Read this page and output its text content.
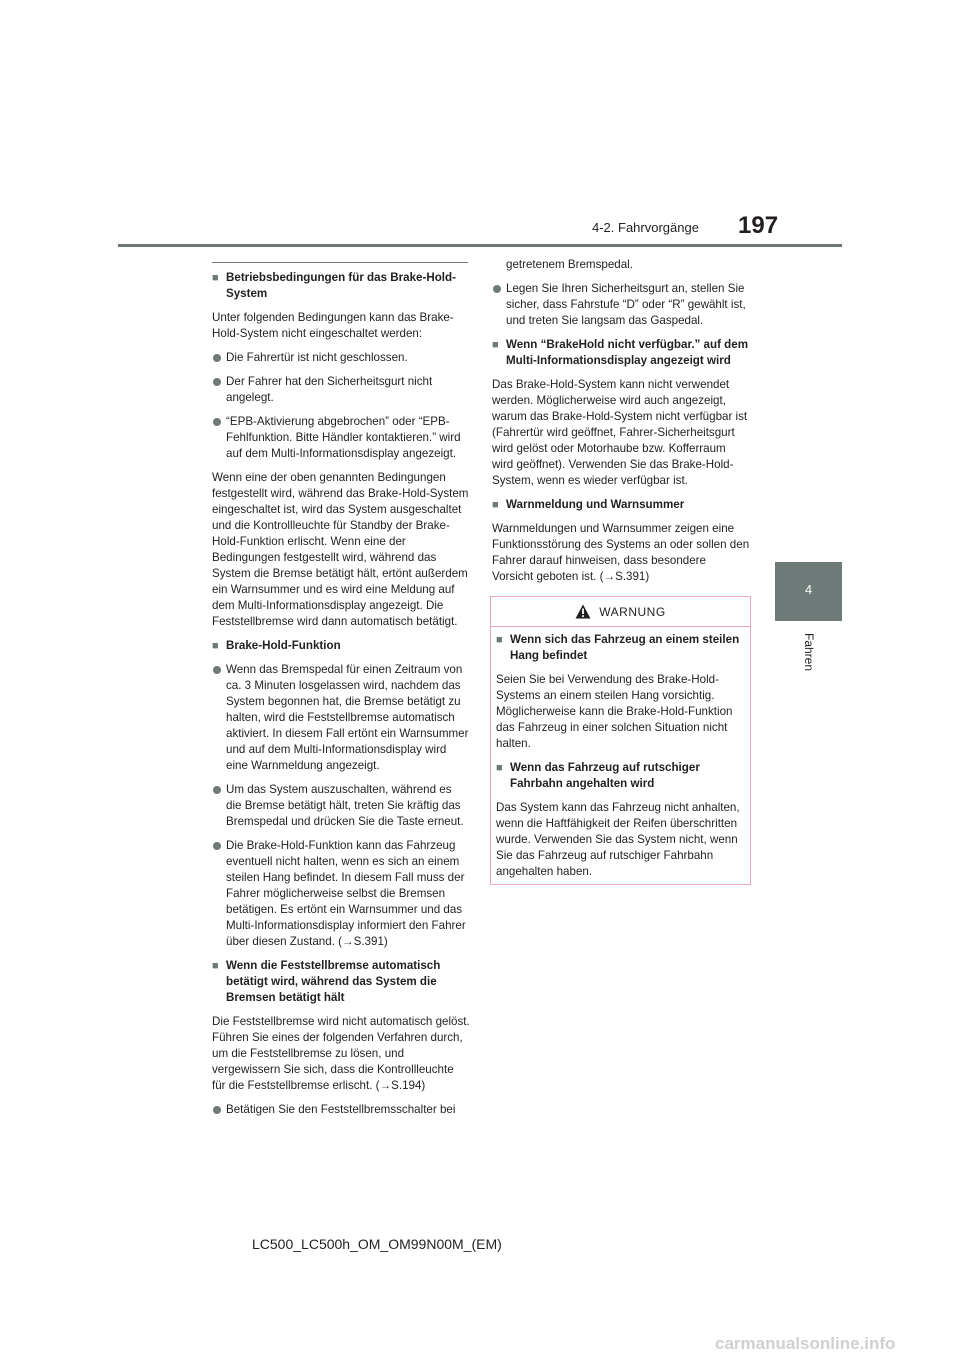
4-2. Fahrvorgänge 197
4
Fahren
■ Betriebsbedingungen für das Brake-Hold-System
Unter folgenden Bedingungen kann das Brake-Hold-System nicht eingeschaltet werden:
Die Fahrertür ist nicht geschlossen.
Der Fahrer hat den Sicherheitsgurt nicht angelegt.
“EPB-Aktivierung abgebrochen” oder “EPB-Fehlfunktion. Bitte Händler kontaktieren.” wird auf dem Multi-Informationsdisplay angezeigt.
Wenn eine der oben genannten Bedingungen festgestellt wird, während das Brake-Hold-System eingeschaltet ist, wird das System ausgeschaltet und die Kontrollleuchte für Standby der Brake-Hold-Funktion erlischt. Wenn eine der Bedingungen festgestellt wird, während das System die Bremse betätigt hält, ertönt außerdem ein Warnsummer und es wird eine Meldung auf dem Multi-Informationsdisplay angezeigt. Die Feststellbremse wird dann automatisch betätigt.
■ Brake-Hold-Funktion
Wenn das Bremspedal für einen Zeitraum von ca. 3 Minuten losgelassen wird, nachdem das System begonnen hat, die Bremse betätigt zu halten, wird die Feststellbremse automatisch aktiviert. In diesem Fall ertönt ein Warnsummer und auf dem Multi-Informationsdisplay wird eine Warnmeldung angezeigt.
Um das System auszuschalten, während es die Bremse betätigt hält, treten Sie kräftig das Bremspedal und drücken Sie die Taste erneut.
Die Brake-Hold-Funktion kann das Fahrzeug eventuell nicht halten, wenn es sich an einem steilen Hang befindet. In diesem Fall muss der Fahrer möglicherweise selbst die Bremsen betätigen. Es ertönt ein Warnsummer und das Multi-Informationsdisplay informiert den Fahrer über diesen Zustand. (→S.391)
■ Wenn die Feststellbremse automatisch betätigt wird, während das System die Bremsen betätigt hält
Die Feststellbremse wird nicht automatisch gelöst. Führen Sie eines der folgenden Verfahren durch, um die Feststellbremse zu lösen, und vergewissern Sie sich, dass die Kontrollleuchte für die Feststellbremse erlischt. (→S.194)
Betätigen Sie den Feststellbremsschalter bei
getretenem Bremspedal.
Legen Sie Ihren Sicherheitsgurt an, stellen Sie sicher, dass Fahrstufe “D” oder “R” gewählt ist, und treten Sie langsam das Gaspedal.
■ Wenn “BrakeHold nicht verfügbar.” auf dem Multi-Informationsdisplay angezeigt wird
Das Brake-Hold-System kann nicht verwendet werden. Möglicherweise wird auch angezeigt, warum das Brake-Hold-System nicht verfügbar ist (Fahrertür wird geöffnet, Fahrer-Sicherheitsgurt wird gelöst oder Motorhaube bzw. Kofferraum wird geöffnet). Verwenden Sie das Brake-Hold-System, wenn es wieder verfügbar ist.
■ Warnmeldung und Warnsummer
Warnmeldungen und Warnsummer zeigen eine Funktionsstörung des Systems an oder sollen den Fahrer darauf hinweisen, dass besondere Vorsicht geboten ist. (→S.391)
WARNUNG
■ Wenn sich das Fahrzeug an einem steilen Hang befindet
Seien Sie bei Verwendung des Brake-Hold-Systems an einem steilen Hang vorsichtig. Möglicherweise kann die Brake-Hold-Funktion das Fahrzeug in einer solchen Situation nicht halten.
■ Wenn das Fahrzeug auf rutschiger Fahrbahn angehalten wird
Das System kann das Fahrzeug nicht anhalten, wenn die Haftfähigkeit der Reifen überschritten wurde. Verwenden Sie das System nicht, wenn Sie das Fahrzeug auf rutschiger Fahrbahn angehalten haben.
LC500_LC500h_OM_OM99N00M_(EM)
carmanualsonline.info
